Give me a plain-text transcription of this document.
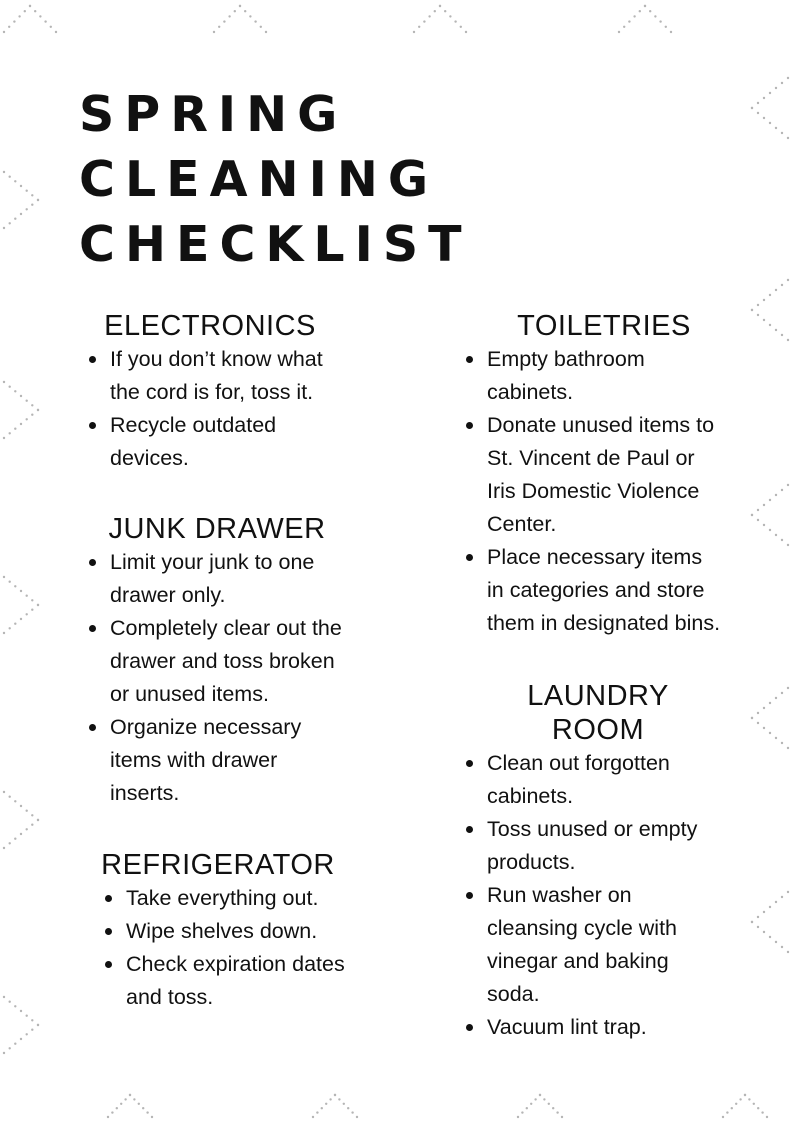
SPRING
CLEANING
CHECKLIST
ELECTRONICS
If you don’t know what the cord is for, toss it.
Recycle outdated devices.
JUNK DRAWER
Limit your junk to one drawer only.
Completely clear out the drawer and toss broken or unused items.
Organize necessary items with drawer inserts.
REFRIGERATOR
Take everything out.
Wipe shelves down.
Check expiration dates and toss.
TOILETRIES
Empty bathroom cabinets.
Donate unused items to St. Vincent de Paul or Iris Domestic Violence Center.
Place necessary items in categories and store them in designated bins.
LAUNDRY ROOM
Clean out forgotten cabinets.
Toss unused or empty products.
Run washer on cleansing cycle with vinegar and baking soda.
Vacuum lint trap.
